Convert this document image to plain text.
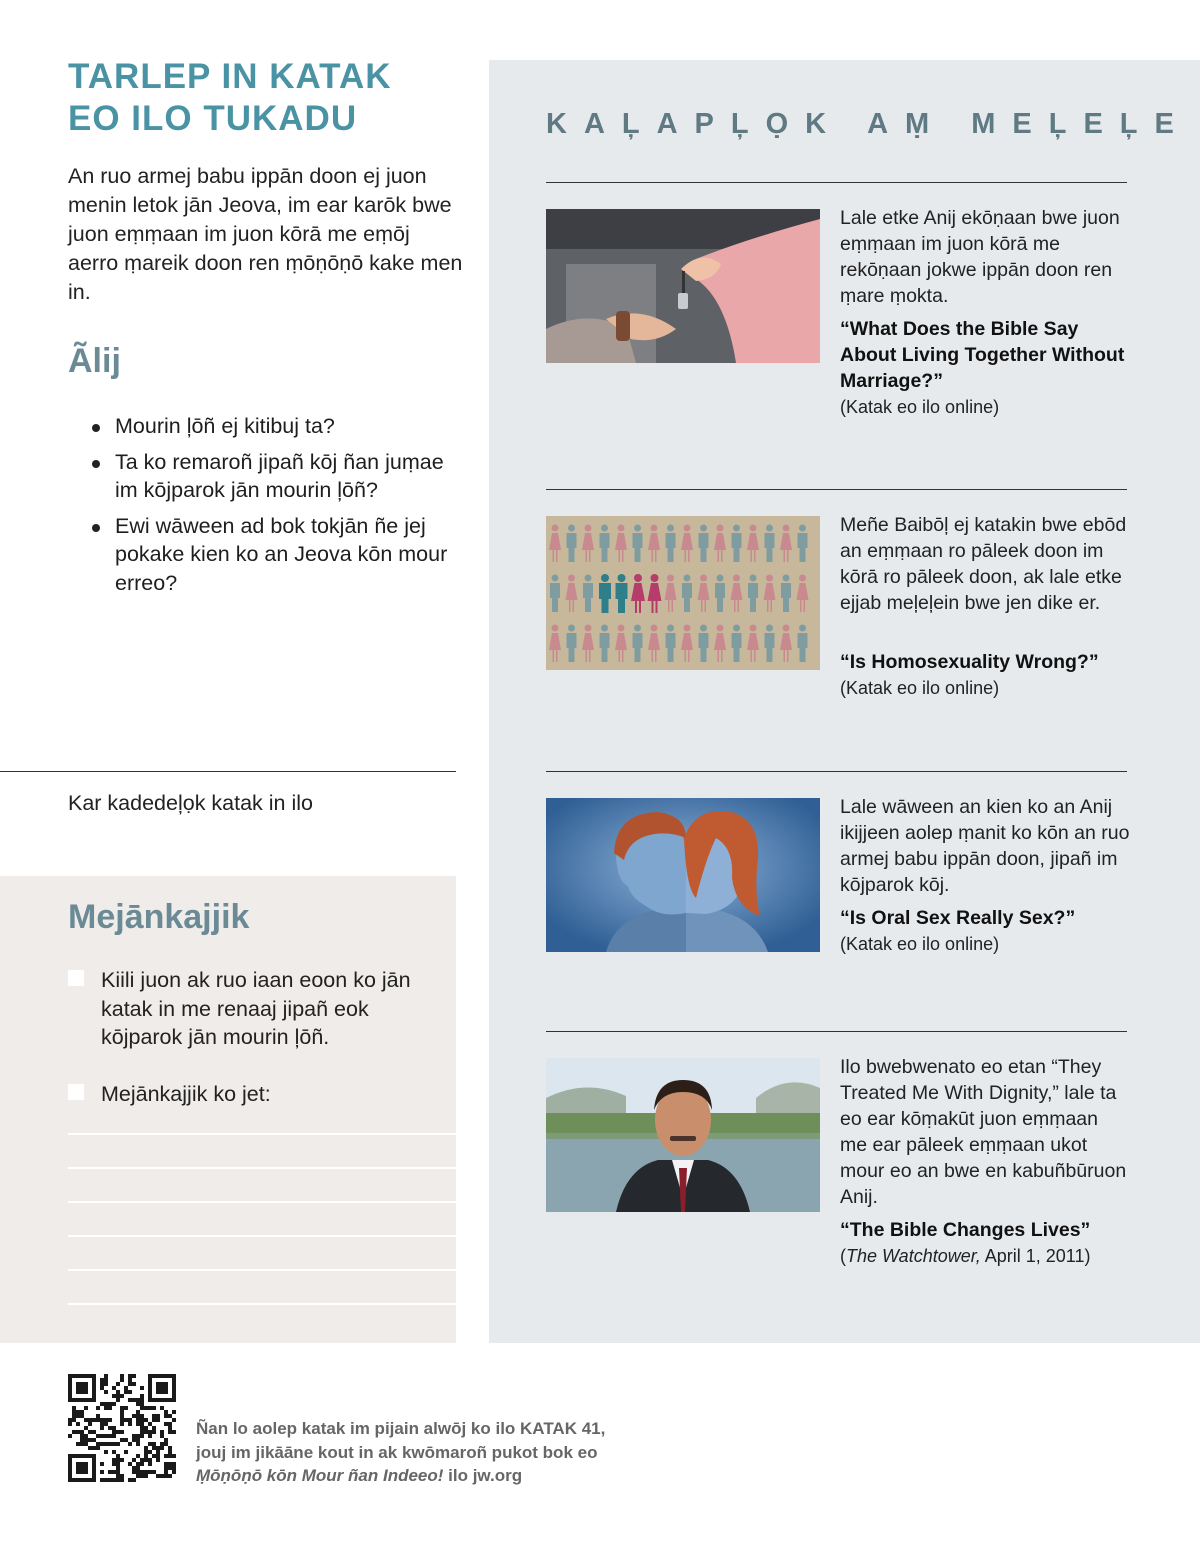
TARLEP IN KATAK
EO ILO TUKADU

An ruo armej babu ippān doon ej juon menin letok jān Jeova, im ear karōk bwe juon eṃṃaan im juon kōrā me eṃōj aerro ṃareik doon ren ṃōṇōṇō kake men in.

Ãlij
Mourin ļōñ ej kitibuj ta?
Ta ko remaroñ jipañ kōj ñan juṃae im kōjparok jān mourin ļōñ?
Ewi wāween ad bok tokjān ñe jej pokake kien ko an Jeova kōn mour erreo?
Kar kadedeļọk katak in ilo
Mejānkajjik
Kiili juon ak ruo iaan eoon ko jān katak in me renaaj jipañ eok kōjparok jān mourin ļōñ.
Mejānkajjik ko jet:
KAĻAPĻỌK AṂ MEĻEĻE
Lale etke Anij ekōṇaan bwe juon eṃṃaan im juon kōrā me rekōṇaan jokwe ippān doon ren ṃare ṃokta.
“What Does the Bible Say About Living Together Without Marriage?”
(Katak eo ilo online)
Meñe Baibōļ ej katakin bwe ebōd an eṃṃaan ro pāleek doon im kōrā ro pāleek doon, ak lale etke ejjab meļeļein bwe jen dike er.
“Is Homosexuality Wrong?”
(Katak eo ilo online)
Lale wāween an kien ko an Anij ikijjeen aolep ṃanit ko kōn an ruo armej babu ippān doon, jipañ im kōjparok kōj.
“Is Oral Sex Really Sex?”
(Katak eo ilo online)
Ilo bwebwenato eo etan “They Treated Me With Dignity,” lale ta eo ear kōṃakūt juon eṃṃaan me ear pāleek eṃṃaan ukot mour eo an bwe en kabuñbūruon Anij.
“The Bible Changes Lives”
(The Watchtower, April 1, 2011)
Ñan lo aolep katak im pijain alwōj ko ilo KATAK 41,
jouj im jikāāne kout in ak kwōmaroñ pukot bok eo
Ṃōṇōṇō kōn Mour ñan Indeeo! ilo jw.org
